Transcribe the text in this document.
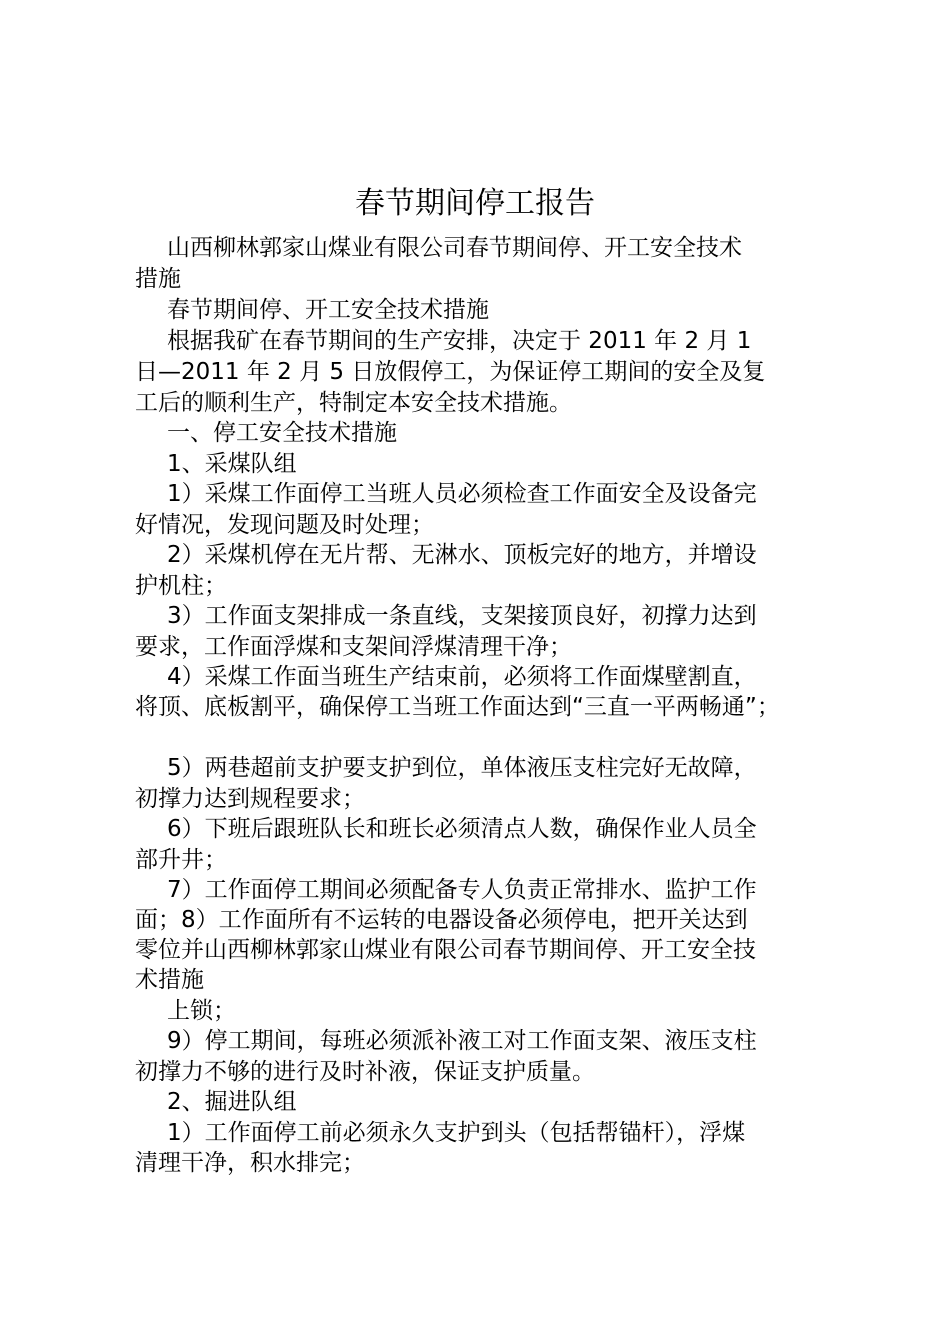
春节期间停工报告
山西柳林郭家山煤业有限公司春节期间停、开工安全技术
措施
春节期间停、开工安全技术措施
根据我矿在春节期间的生产安排，决定于 2011 年 2 月 1
日—2011 年 2 月 5 日放假停工，为保证停工期间的安全及复
工后的顺利生产，特制定本安全技术措施。
一、停工安全技术措施
1、采煤队组
1）采煤工作面停工当班人员必须检查工作面安全及设备完
好情况，发现问题及时处理；
2）采煤机停在无片帮、无淋水、顶板完好的地方，并增设
护机柱；
3）工作面支架排成一条直线，支架接顶良好，初撑力达到
要求，工作面浮煤和支架间浮煤清理干净；
4）采煤工作面当班生产结束前，必须将工作面煤壁割直，
将顶、底板割平，确保停工当班工作面达到“三直一平两畅通”；
5）两巷超前支护要支护到位，单体液压支柱完好无故障，
初撑力达到规程要求；
6）下班后跟班队长和班长必须清点人数，确保作业人员全
部升井；
7）工作面停工期间必须配备专人负责正常排水、监护工作
面；8）工作面所有不运转的电器设备必须停电，把开关达到
零位并山西柳林郭家山煤业有限公司春节期间停、开工安全技
术措施
上锁；
9）停工期间，每班必须派补液工对工作面支架、液压支柱
初撑力不够的进行及时补液，保证支护质量。
2、掘进队组
1）工作面停工前必须永久支护到头（包括帮锚杆），浮煤
清理干净，积水排完；
